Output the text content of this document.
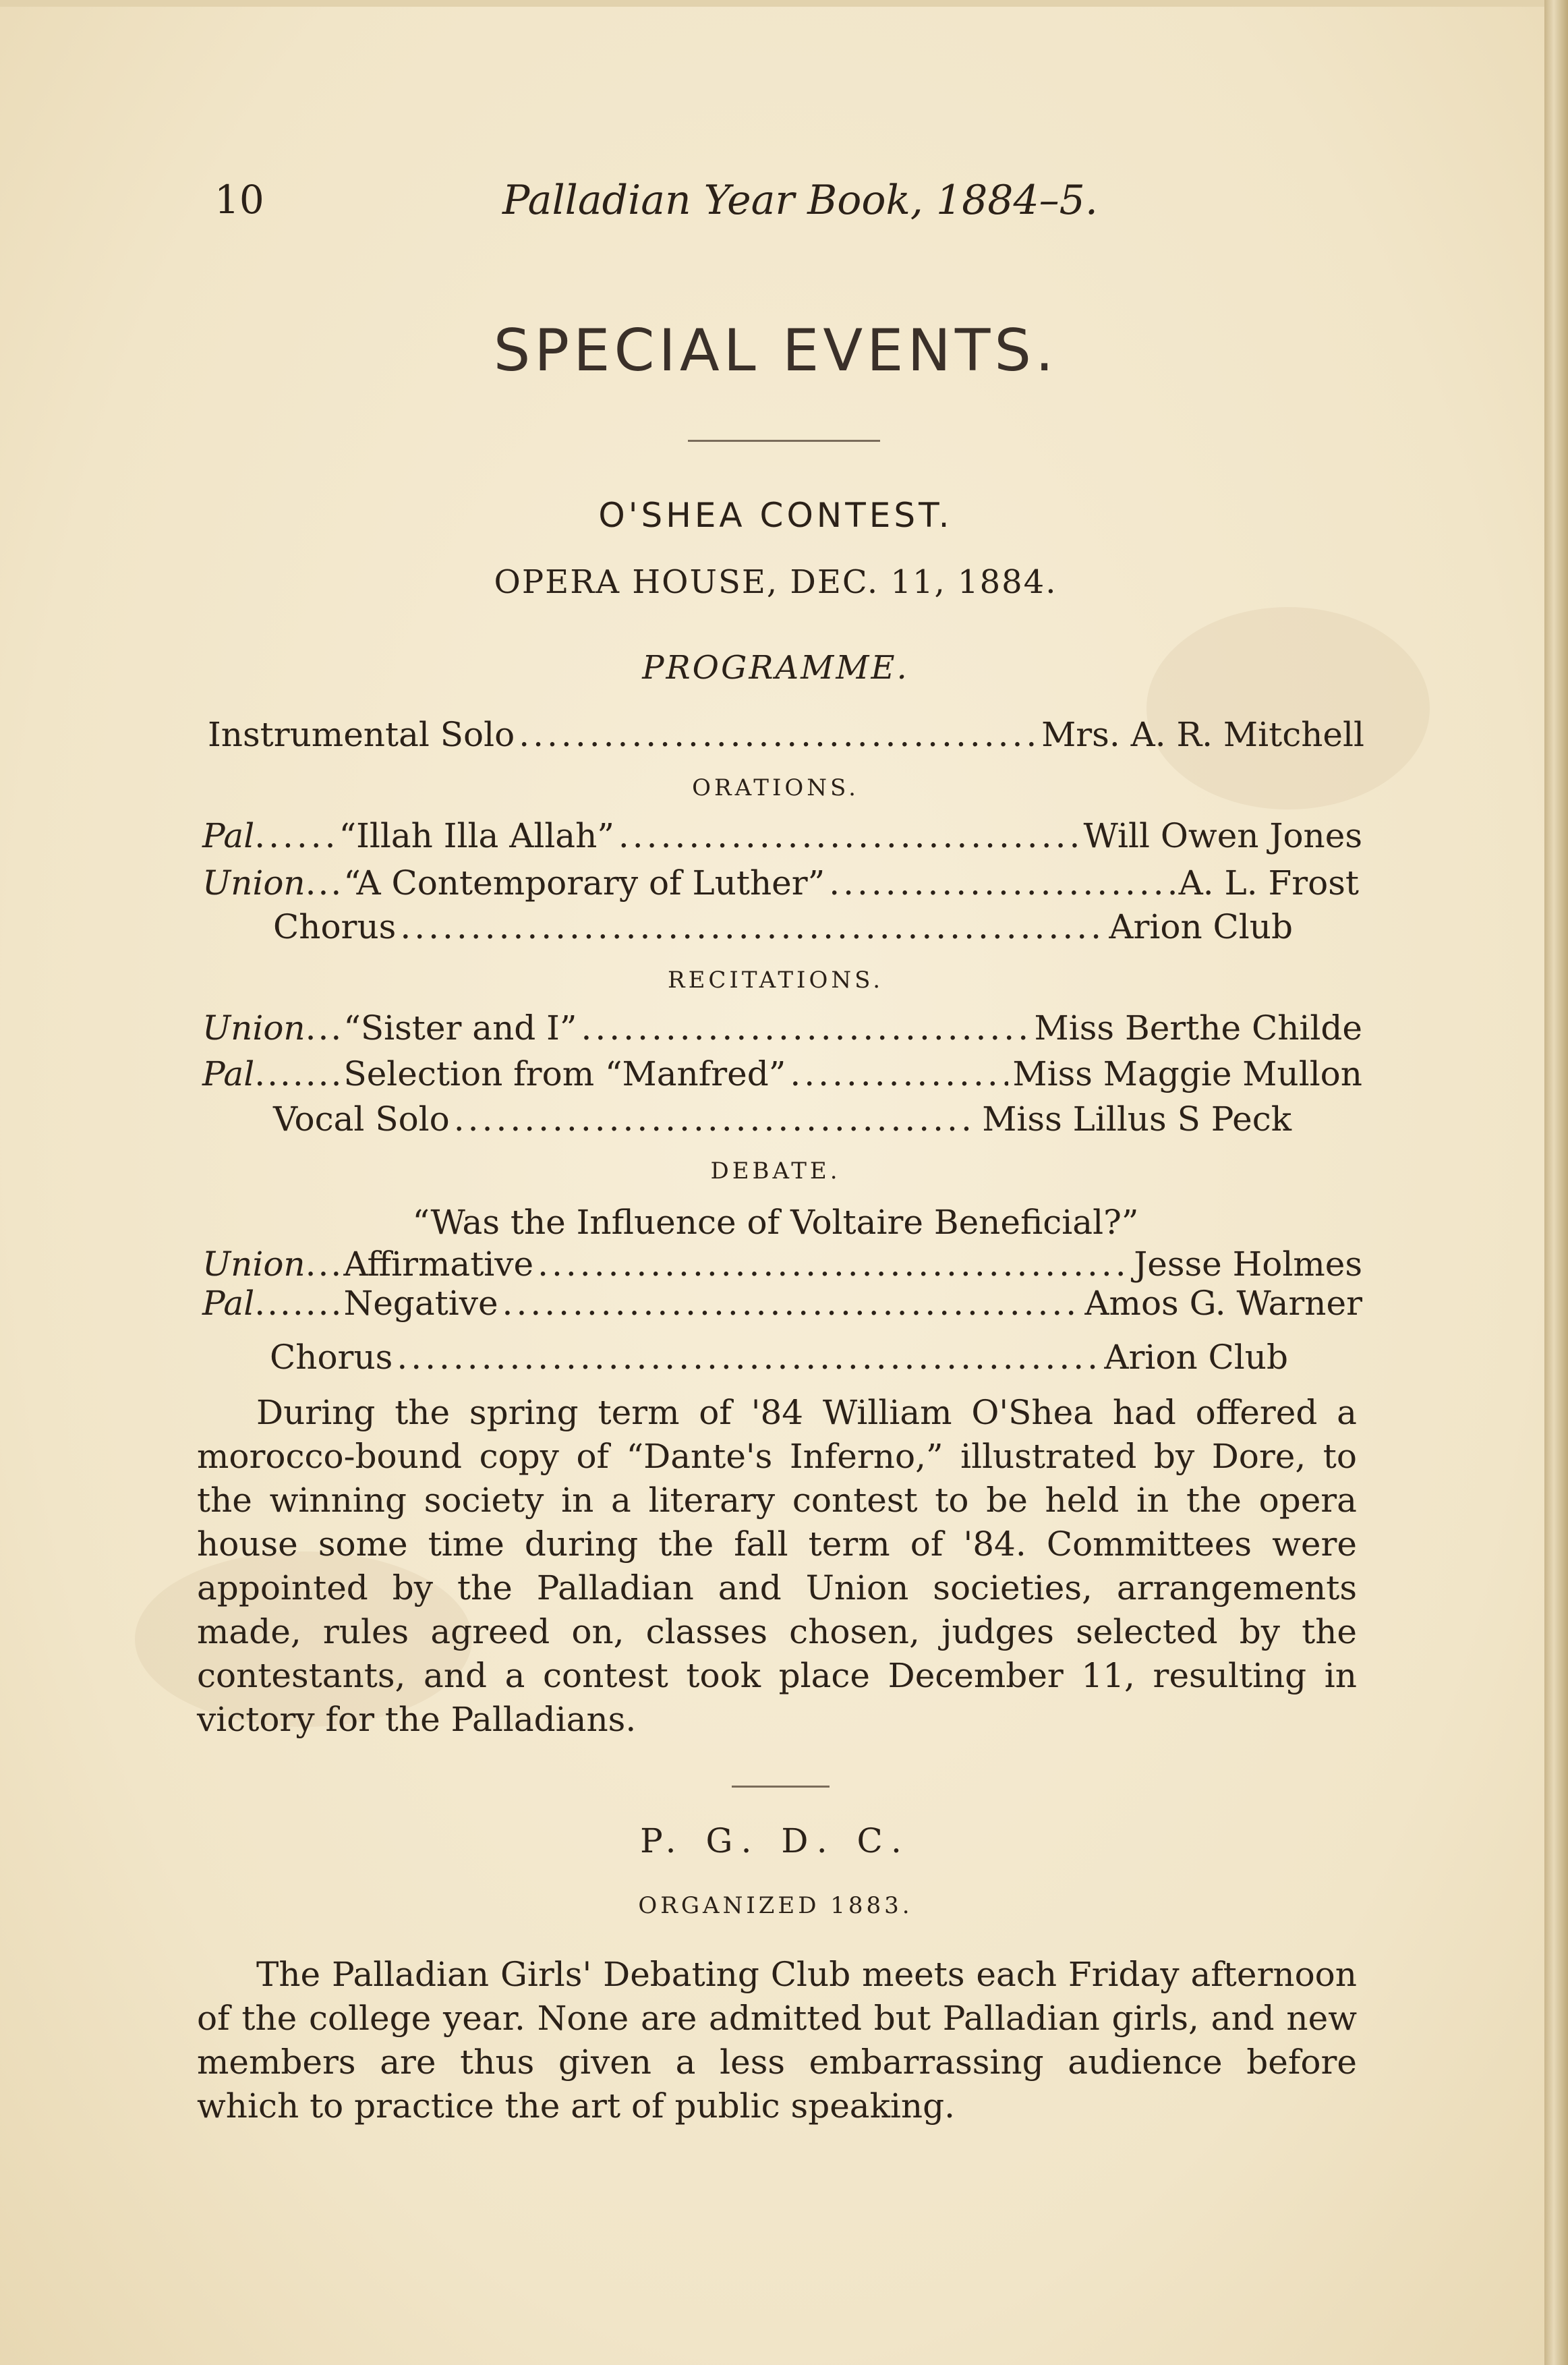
10	Palladian Year Book, 1884–5.
SPECIAL EVENTS.
O'SHEA CONTEST.
OPERA HOUSE, DEC. 11, 1884.
PROGRAMME.
Instrumental Solo .....	Mrs. A. R. Mitchell
ORATIONS.
Pal ...... “Illah Illa Allah” .....	Will Owen Jones
Union ... “A Contemporary of Luther” .....	A. L. Frost
Chorus .....	Arion Club
RECITATIONS.
Union ... “Sister and I” .....	Miss Berthe Childe
Pal ....... Selection from “Manfred” .....	Miss Maggie Mullon
Vocal Solo .....	Miss Lillus S Peck
DEBATE.
“Was the Influence of Voltaire Beneficial?”
Union ... Affirmative .....	Jesse Holmes
Pal ....... Negative .....	Amos G. Warner
Chorus .....	Arion Club

During the spring term of '84 William O'Shea had offered a morocco-bound copy of “Dante's Inferno,” illustrated by Dore, to the winning society in a literary contest to be held in the opera house some time during the fall term of '84. Committees were appointed by the Palladian and Union societies, arrangements made, rules agreed on, classes chosen, judges selected by the contestants, and a contest took place December 11, resulting in victory for the Palladians.

P. G. D. C.
ORGANIZED 1883.

The Palladian Girls' Debating Club meets each Friday afternoon of the college year. None are admitted but Palladian girls, and new members are thus given a less embarrassing audience before which to practice the art of public speaking.
